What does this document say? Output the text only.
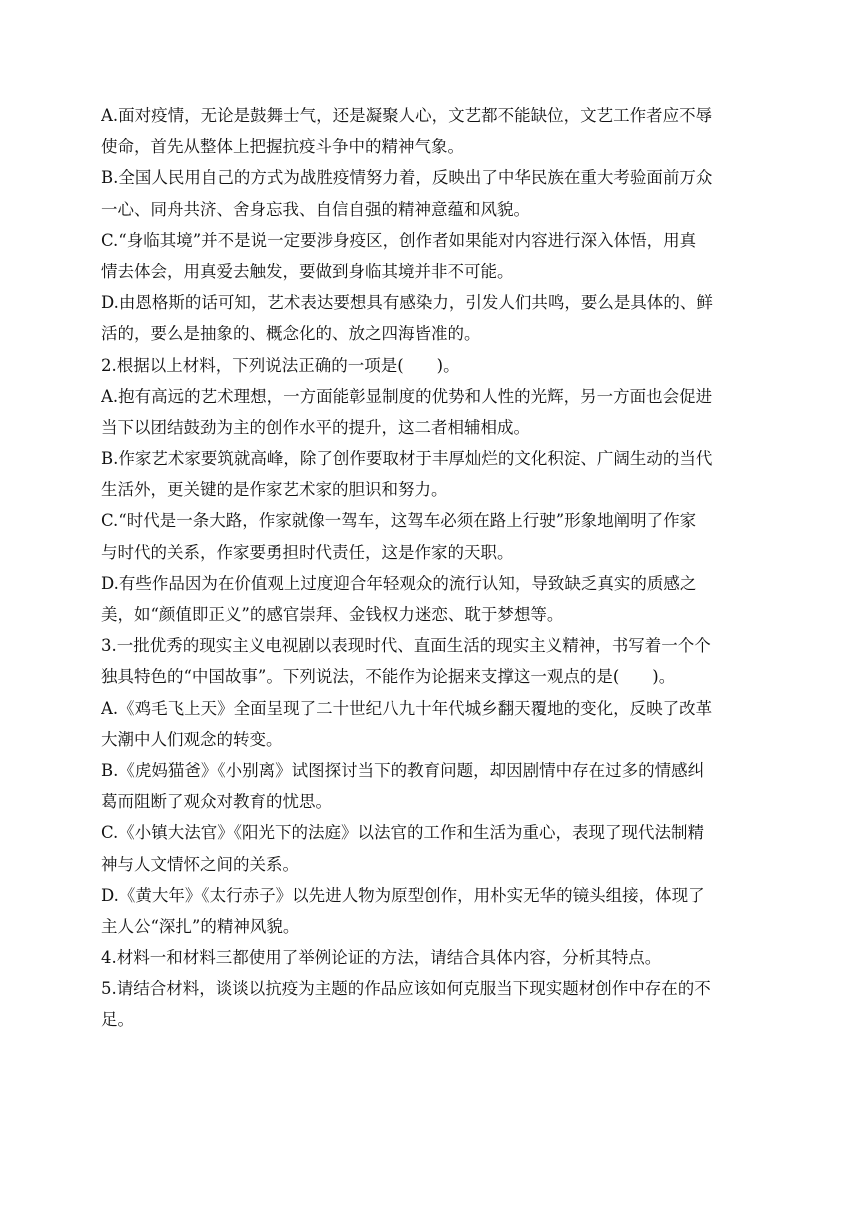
A.面对疫情，无论是鼓舞士气，还是凝聚人心，文艺都不能缺位，文艺工作者应不辱
使命，首先从整体上把握抗疫斗争中的精神气象。
B.全国人民用自己的方式为战胜疫情努力着，反映出了中华民族在重大考验面前万众
一心、同舟共济、舍身忘我、自信自强的精神意蕴和风貌。
C.“身临其境”并不是说一定要涉身疫区，创作者如果能对内容进行深入体悟，用真
情去体会，用真爱去触发，要做到身临其境并非不可能。
D.由恩格斯的话可知，艺术表达要想具有感染力，引发人们共鸣，要么是具体的、鲜
活的，要么是抽象的、概念化的、放之四海皆准的。
2.根据以上材料，下列说法正确的一项是(　　)。
A.抱有高远的艺术理想，一方面能彰显制度的优势和人性的光辉，另一方面也会促进
当下以团结鼓劲为主的创作水平的提升，这二者相辅相成。
B.作家艺术家要筑就高峰，除了创作要取材于丰厚灿烂的文化积淀、广阔生动的当代
生活外，更关键的是作家艺术家的胆识和努力。
C.“时代是一条大路，作家就像一驾车，这驾车必须在路上行驶”形象地阐明了作家
与时代的关系，作家要勇担时代责任，这是作家的天职。
D.有些作品因为在价值观上过度迎合年轻观众的流行认知，导致缺乏真实的质感之
美，如“颜值即正义”的感官崇拜、金钱权力迷恋、耽于梦想等。
3.一批优秀的现实主义电视剧以表现时代、直面生活的现实主义精神，书写着一个个
独具特色的“中国故事”。下列说法，不能作为论据来支撑这一观点的是(　　)。
A.《鸡毛飞上天》全面呈现了二十世纪八九十年代城乡翻天覆地的变化，反映了改革
大潮中人们观念的转变。
B.《虎妈猫爸》《小别离》试图探讨当下的教育问题，却因剧情中存在过多的情感纠
葛而阻断了观众对教育的忧思。
C.《小镇大法官》《阳光下的法庭》以法官的工作和生活为重心，表现了现代法制精
神与人文情怀之间的关系。
D.《黄大年》《太行赤子》以先进人物为原型创作，用朴实无华的镜头组接，体现了
主人公“深扎”的精神风貌。
4.材料一和材料三都使用了举例论证的方法，请结合具体内容，分析其特点。
5.请结合材料，谈谈以抗疫为主题的作品应该如何克服当下现实题材创作中存在的不
足。
